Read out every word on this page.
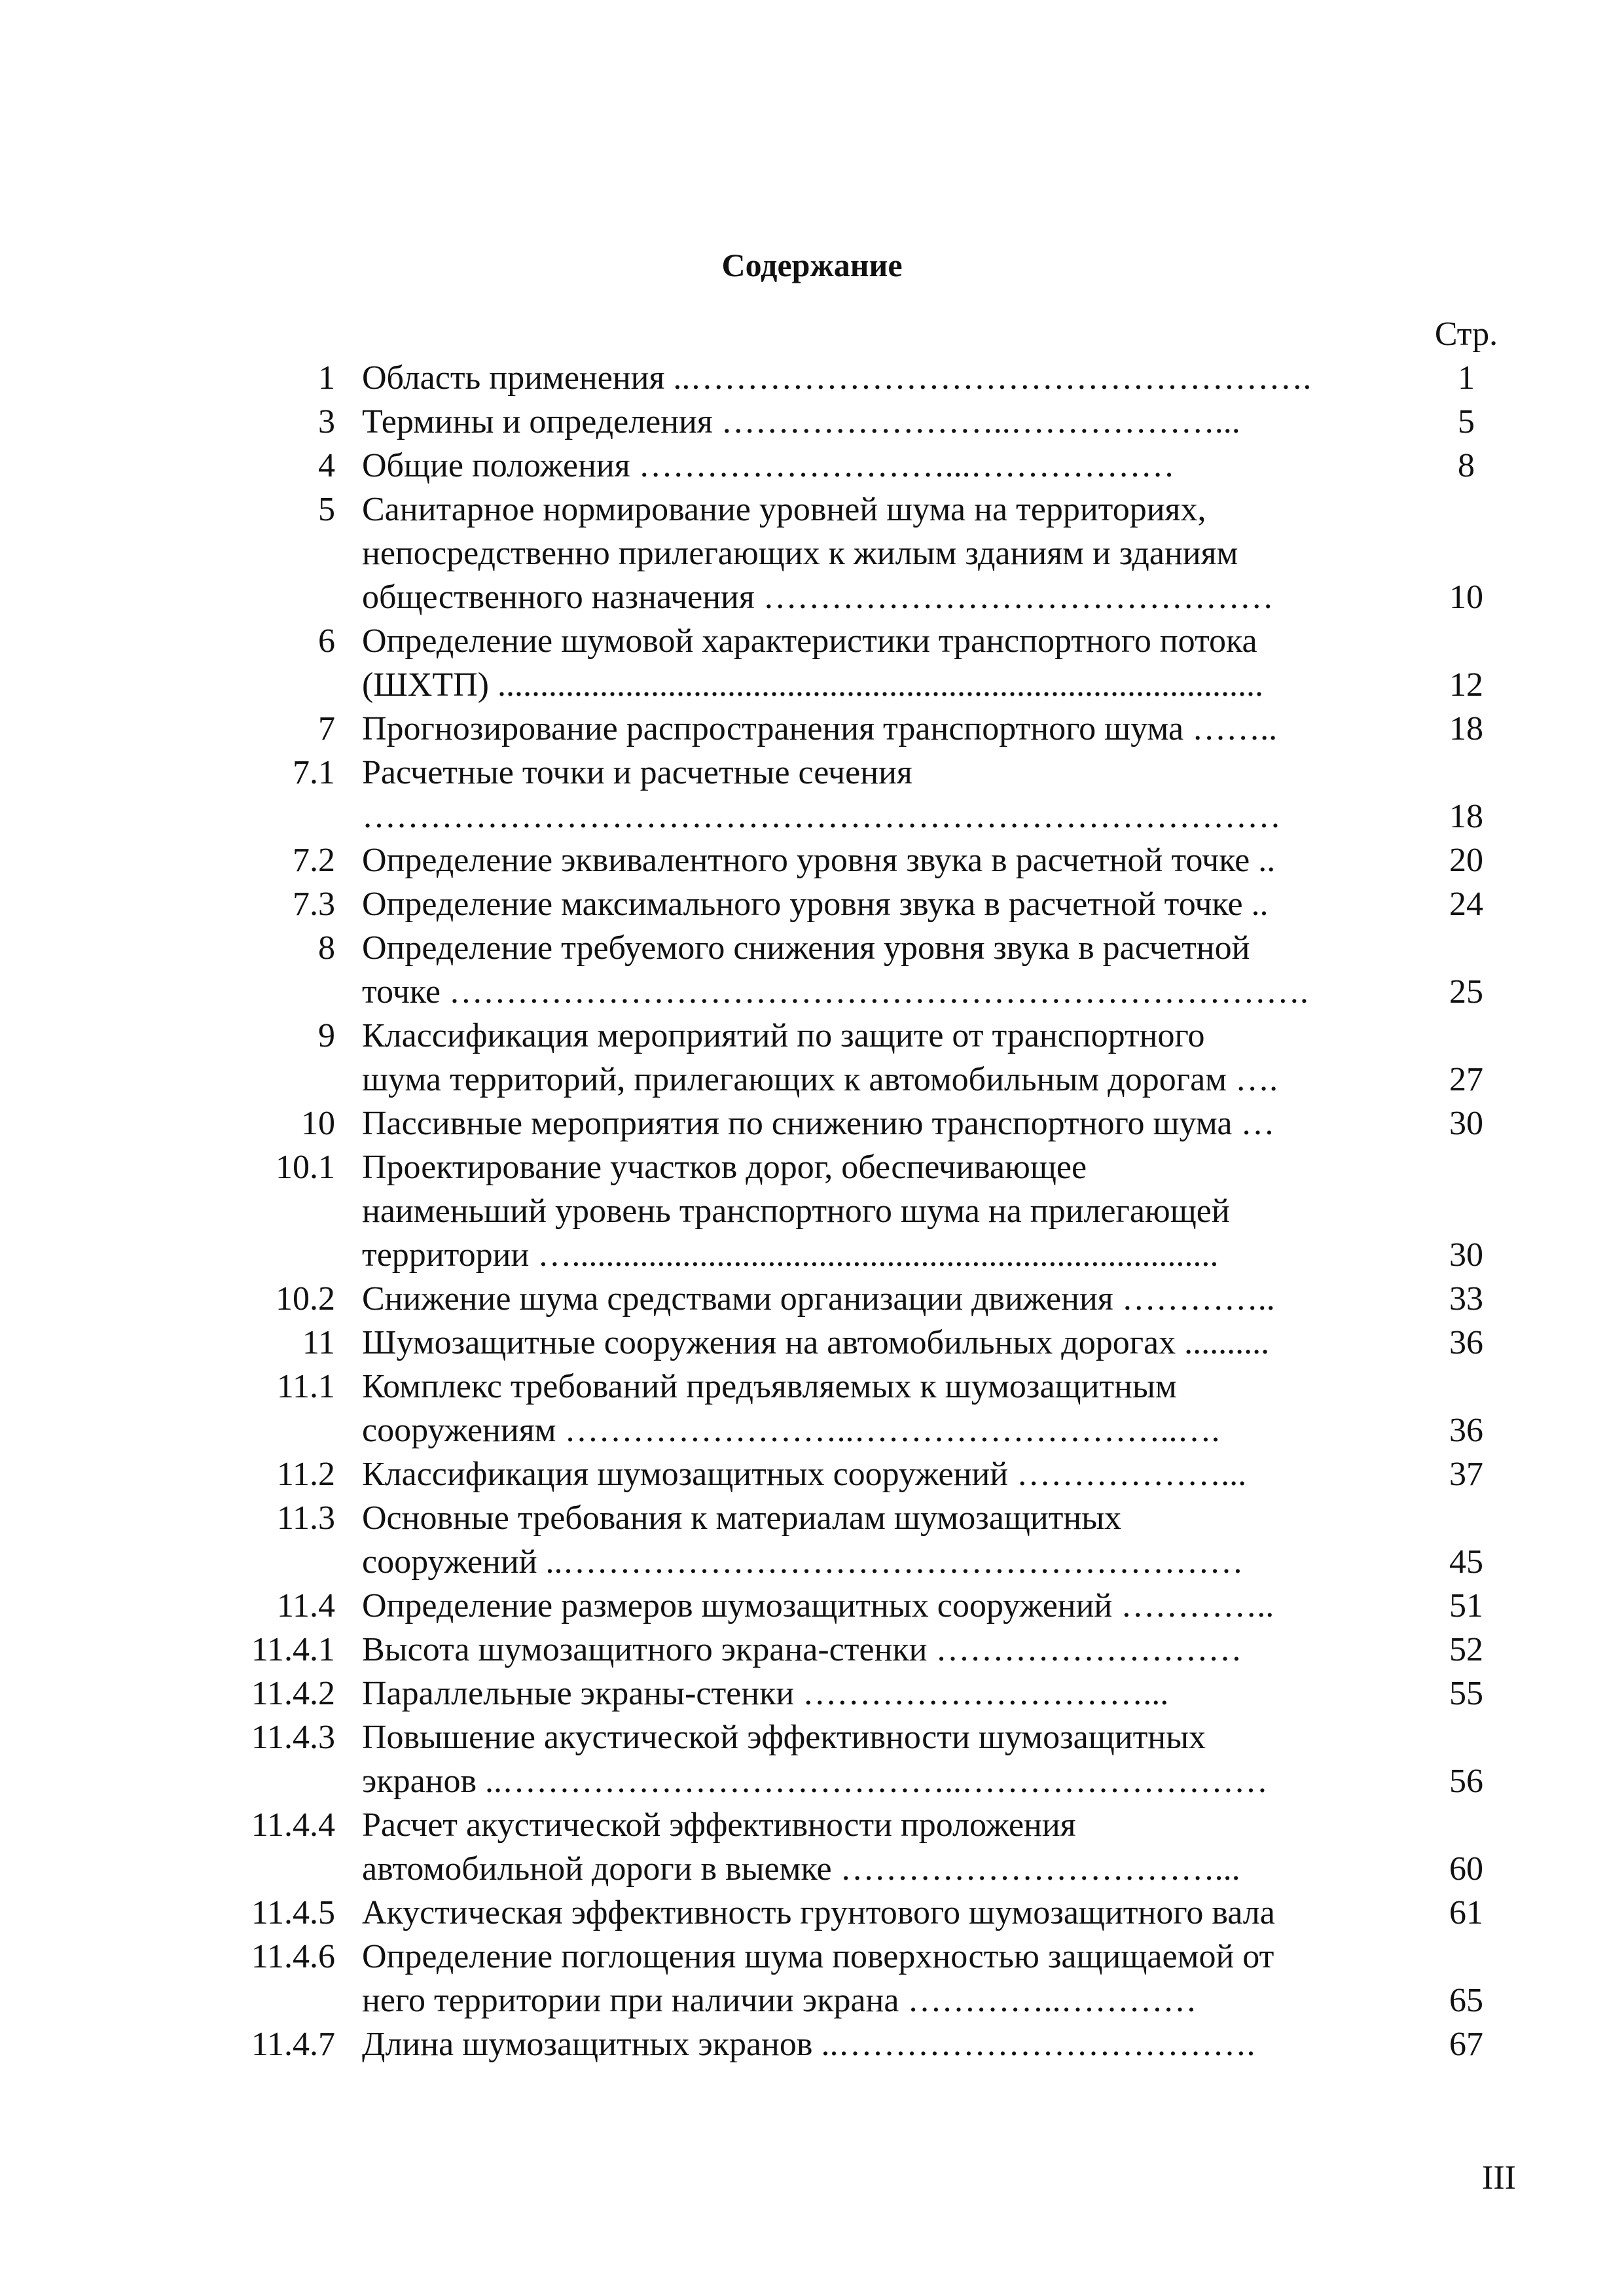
Содержание
Стр.
1 Область применения ..……………………………………………….	1
3 Термины и определения ……………………..………………...	5
4 Общие положения ………………………...………………	8
5 Санитарное нормирование уровней шума на территориях,
непосредственно прилегающих к жилым зданиям и зданиям
общественного назначения ………………………………………	10
6 Определение шумовой характеристики транспортного потока
(ШХТП) ..........................................................................................	12
7 Прогнозирование распространения транспортного шума ……..	18
7.1 Расчетные точки и расчетные сечения
………………………………………………………………………	18
7.2 Определение эквивалентного уровня звука в расчетной точке ..	20
7.3 Определение максимального уровня звука в расчетной точке ..	24
8 Определение требуемого снижения уровня звука в расчетной
точке ………………………………………………………………….	25
9 Классификация мероприятий по защите от транспортного
шума территорий, прилегающих к автомобильным дорогам ….	27
10 Пассивные мероприятия по снижению транспортного шума …	30
10.1 Проектирование участков дорог, обеспечивающее
наименьший уровень транспортного шума на прилегающей
территории …............................................................................	30
10.2 Снижение шума средствами организации движения …………..	33
11 Шумозащитные сооружения на автомобильных дорогах ..........	36
11.1 Комплекс требований предъявляемых к шумозащитным
сооружениям ……………………..………………………..….	36
11.2 Классификация шумозащитных сооружений ………………...	37
11.3 Основные требования к материалам шумозащитных
сооружений ..……………………………………………………	45
11.4 Определение размеров шумозащитных сооружений …………..	51
11.4.1 Высота шумозащитного экрана-стенки ………………………	52
11.4.2 Параллельные экраны-стенки …………………………...	55
11.4.3 Повышение акустической эффективности шумозащитных
экранов ..…………………………………..………………………	56
11.4.4 Расчет акустической эффективности проложения
автомобильной дороги в выемке ……………………………...	60
11.4.5 Акустическая эффективность грунтового шумозащитного вала	61
11.4.6 Определение поглощения шума поверхностью защищаемой от
него территории при наличии экрана …………..…………	65
11.4.7 Длина шумозащитных экранов ..……………………………….	67
III
